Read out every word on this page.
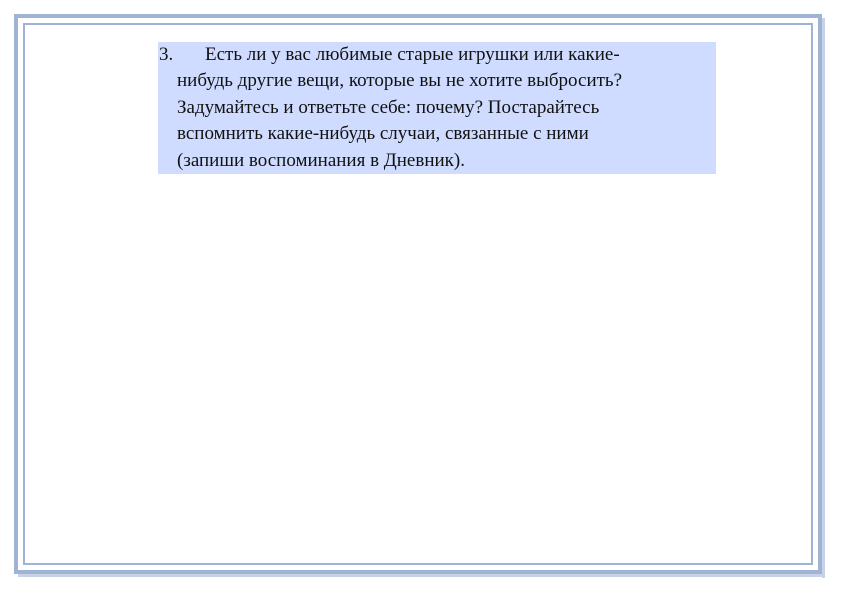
3. Есть ли у вас любимые старые игрушки или какие-
нибудь другие вещи, которые вы не хотите выбросить?
Задумайтесь и ответьте себе: почему? Постарайтесь
вспомнить какие-нибудь случаи, связанные с ними
(запиши воспоминания в Дневник).
